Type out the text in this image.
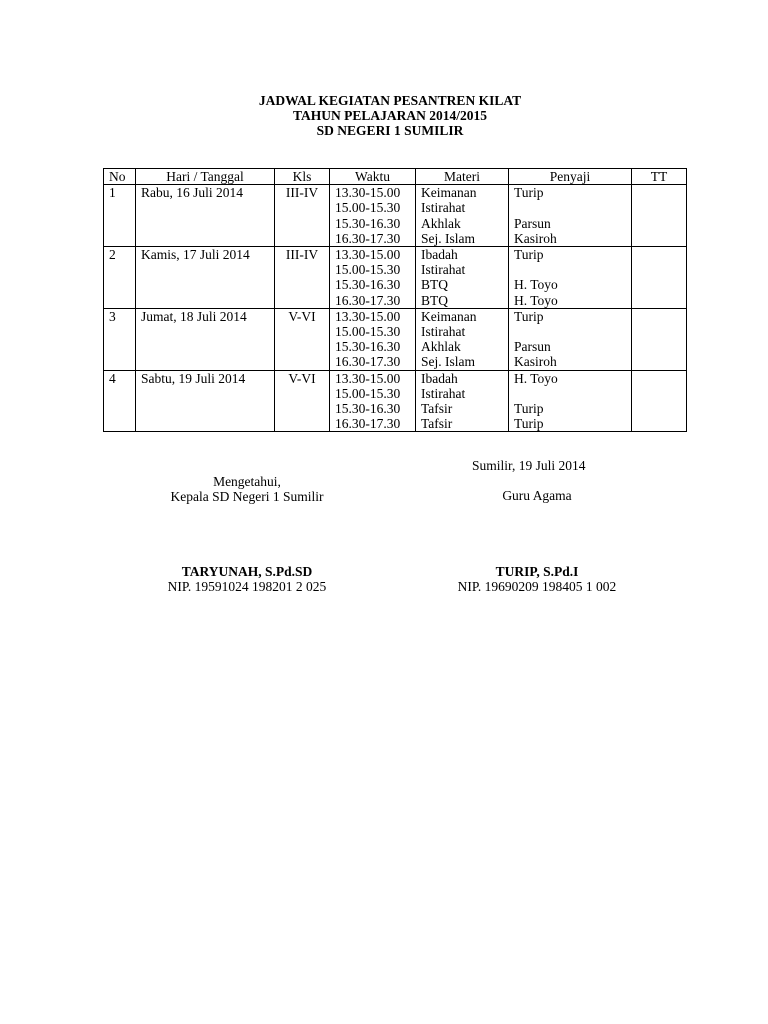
JADWAL KEGIATAN PESANTREN KILAT
TAHUN PELAJARAN 2014/2015
SD NEGERI 1 SUMILIR
No	Hari / Tanggal	Kls	Waktu	Materi	Penyaji	TT
1	Rabu, 16 Juli 2014	III-IV	13.30-15.00	Keimanan	Turip	
			15.00-15.30	Istirahat		
			15.30-16.30	Akhlak	Parsun	
			16.30-17.30	Sej. Islam	Kasiroh	
2	Kamis, 17 Juli 2014	III-IV	13.30-15.00	Ibadah	Turip	
			15.00-15.30	Istirahat		
			15.30-16.30	BTQ	H. Toyo	
			16.30-17.30	BTQ	H. Toyo	
3	Jumat, 18 Juli 2014	V-VI	13.30-15.00	Keimanan	Turip	
			15.00-15.30	Istirahat		
			15.30-16.30	Akhlak	Parsun	
			16.30-17.30	Sej. Islam	Kasiroh	
4	Sabtu, 19 Juli 2014	V-VI	13.30-15.00	Ibadah	H. Toyo	
			15.00-15.30	Istirahat		
			15.30-16.30	Tafsir	Turip	
			16.30-17.30	Tafsir	Turip	
Sumilir, 19 Juli 2014
Mengetahui,
Kepala SD Negeri 1 Sumilir	Guru Agama
TARYUNAH, S.Pd.SD
NIP. 19591024 198201 2 025
TURIP, S.Pd.I
NIP. 19690209 198405 1 002
